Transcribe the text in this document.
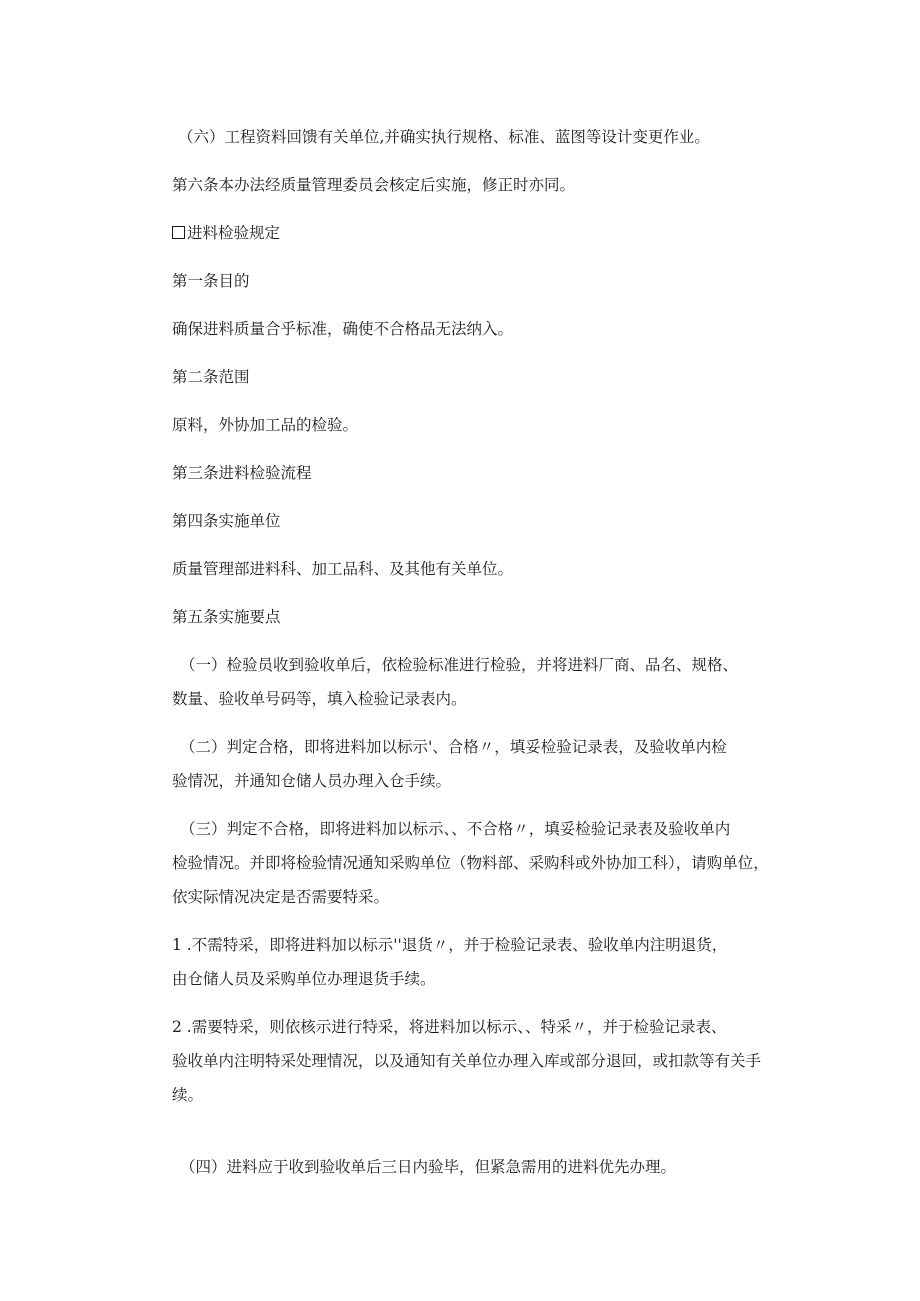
（六）工程资料回馈有关单位,并确实执行规格、标准、蓝图等设计变更作业。

第六条本办法经质量管理委员会核定后实施，修正时亦同。

进料检验规定

第一条目的

确保进料质量合乎标准，确使不合格品无法纳入。

第二条范围

原料，外协加工品的检验。

第三条进料检验流程

第四条实施单位

质量管理部进料科、加工品科、及其他有关单位。

第五条实施要点

（一）检验员收到验收单后，依检验标准进行检验，并将进料厂商、品名、规格、
数量、验收单号码等，填入检验记录表内。

（二）判定合格，即将进料加以标示'、合格〃，填妥检验记录表，及验收单内检
验情况，并通知仓储人员办理入仓手续。

（三）判定不合格，即将进料加以标示、、不合格〃，填妥检验记录表及验收单内
检验情况。并即将检验情况通知采购单位（物料部、采购科或外协加工科），请购单位，
依实际情况决定是否需要特采。

1 .不需特采，即将进料加以标示''退货〃，并于检验记录表、验收单内注明退货，
由仓储人员及采购单位办理退货手续。

2 .需要特采，则依核示进行特采，将进料加以标示、、特采〃，并于检验记录表、
验收单内注明特采处理情况，以及通知有关单位办理入库或部分退回，或扣款等有关手
续。

（四）进料应于收到验收单后三日内验毕，但紧急需用的进料优先办理。
